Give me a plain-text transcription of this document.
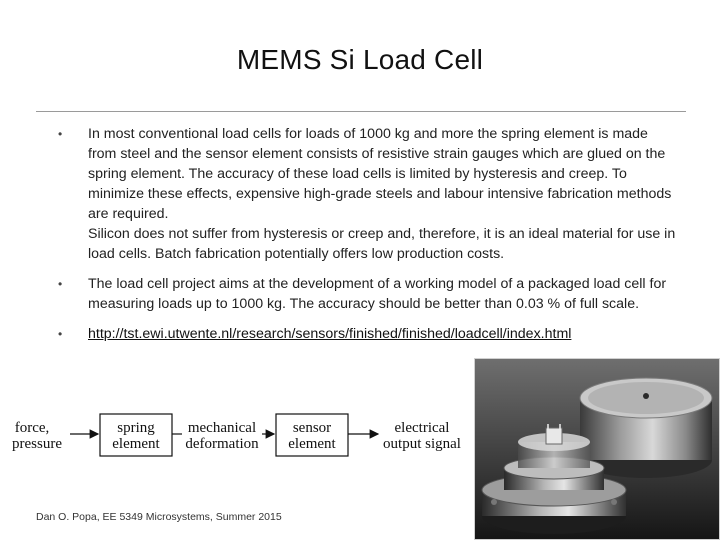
MEMS Si Load Cell
• In most conventional load cells for loads of 1000 kg and more the spring element is made from steel and the sensor element consists of resistive strain gauges which are glued on the spring element. The accuracy of these load cells is limited by hysteresis and creep. To minimize these effects, expensive high-grade steels and labour intensive fabrication methods are required.

Silicon does not suffer from hysteresis or creep and, therefore, it is an ideal material for use in load cells. Batch fabrication potentially offers low production costs.

• The load cell project aims at the development of a working model of a packaged load cell for measuring loads up to 1000 kg. The accuracy should be better than 0.03 % of full scale.

• http://tst.ewi.utwente.nl/research/sensors/finished/finished/loadcell/index.html

force,
pressure
spring
element
mechanical
deformation
sensor
element
electrical
output signal
Dan O. Popa, EE 5349 Microsystems, Summer 2015
